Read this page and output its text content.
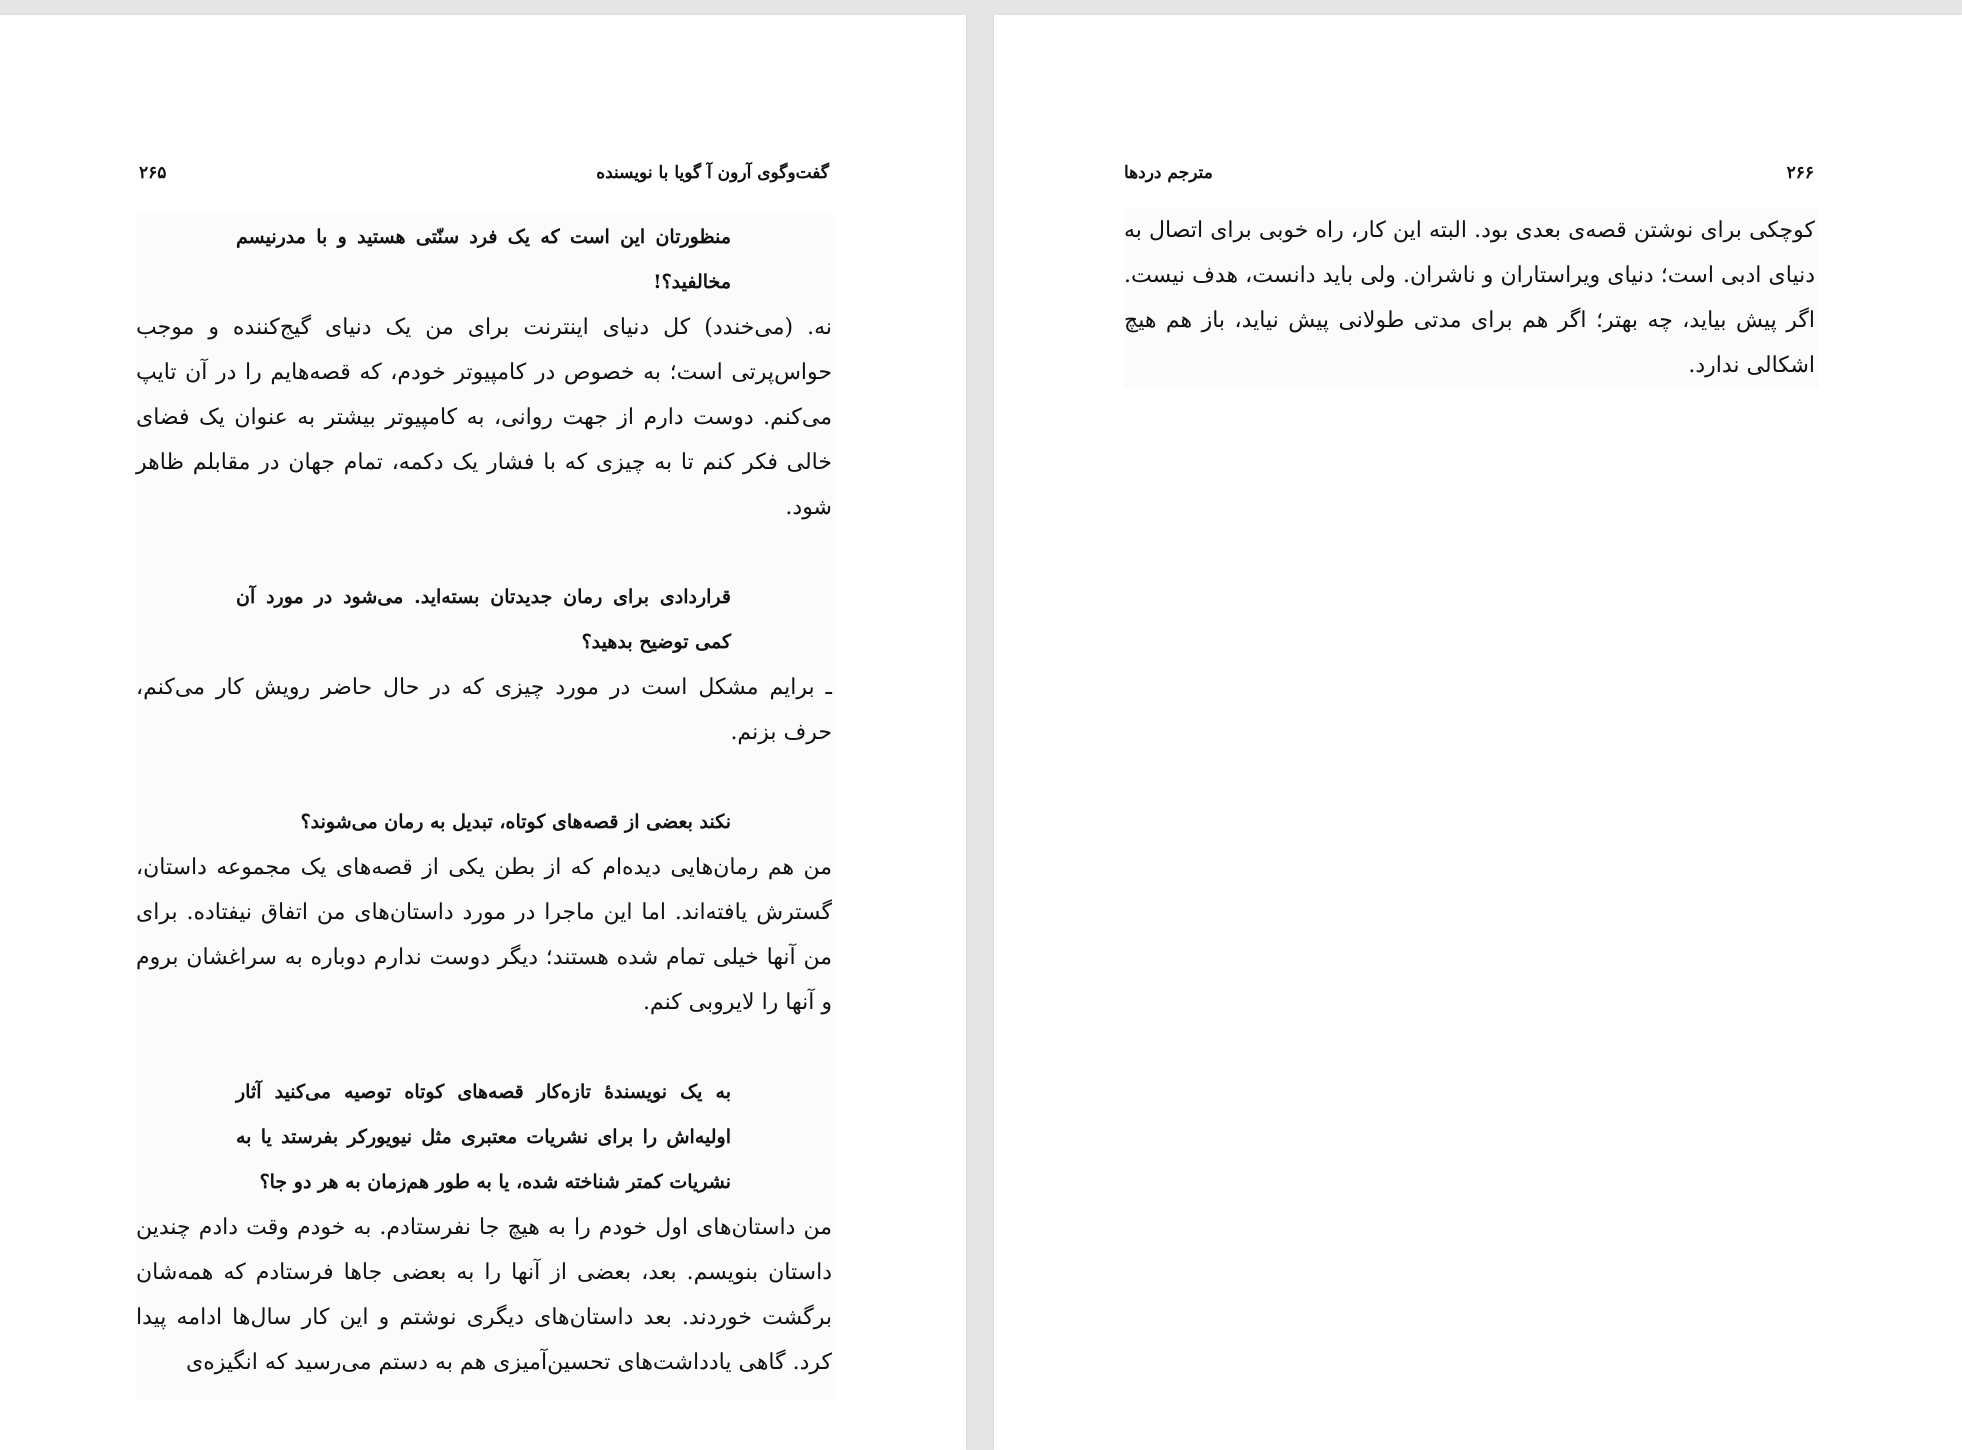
گفت‌وگوی آرون آ گویا با نویسنده
۲۶۵

منظورتان این است که یک فرد سنّتی هستید و با مدرنیسم مخالفید؟!

نه. (می‌خندد) کل دنیای اینترنت برای من یک دنیای گیج‌کننده و موجب حواس‌پرتی است؛ به خصوص در کامپیوتر خودم، که قصه‌هایم را در آن تایپ می‌کنم. دوست دارم از جهت روانی، به کامپیوتر بیشتر به عنوان یک فضای خالی فکر کنم تا به چیزی که با فشار یک دکمه، تمام جهان در مقابلم ظاهر شود.

قراردادی برای رمان جدیدتان بسته‌اید. می‌شود در مورد آن کمی توضیح بدهید؟

ـ برایم مشکل است در مورد چیزی که در حال حاضر رویش کار می‌کنم، حرف بزنم.

نکند بعضی از قصه‌های کوتاه، تبدیل به رمان می‌شوند؟

من هم رمان‌هایی دیده‌ام که از بطن یکی از قصه‌های یک مجموعه داستان، گسترش یافته‌اند. اما این ماجرا در مورد داستان‌های من اتفاق نیفتاده. برای من آنها خیلی تمام شده هستند؛ دیگر دوست ندارم دوباره به سراغشان بروم و آنها را لایروبی کنم.

به یک نویسندهٔ تازه‌کار قصه‌های کوتاه توصیه می‌کنید آثار اولیه‌اش را برای نشریات معتبری مثل نیویورکر بفرستد یا به نشریات کمتر شناخته شده، یا به طور هم‌زمان به هر دو جا؟

من داستان‌های اول خودم را به هیچ جا نفرستادم. به خودم وقت دادم چندین داستان بنویسم. بعد، بعضی از آنها را به بعضی جاها فرستادم که همه‌شان برگشت خوردند. بعد داستان‌های دیگری نوشتم و این کار سال‌ها ادامه پیدا کرد. گاهی یادداشت‌های تحسین‌آمیزی هم به دستم می‌رسید که انگیزه‌ی

۲۶۶
مترجم دردها

کوچکی برای نوشتن قصه‌ی بعدی بود. البته این کار، راه خوبی برای اتصال به دنیای ادبی است؛ دنیای ویراستاران و ناشران. ولی باید دانست، هدف نیست. اگر پیش بیاید، چه بهتر؛ اگر هم برای مدتی طولانی پیش نیاید، باز هم هیچ اشکالی ندارد.
